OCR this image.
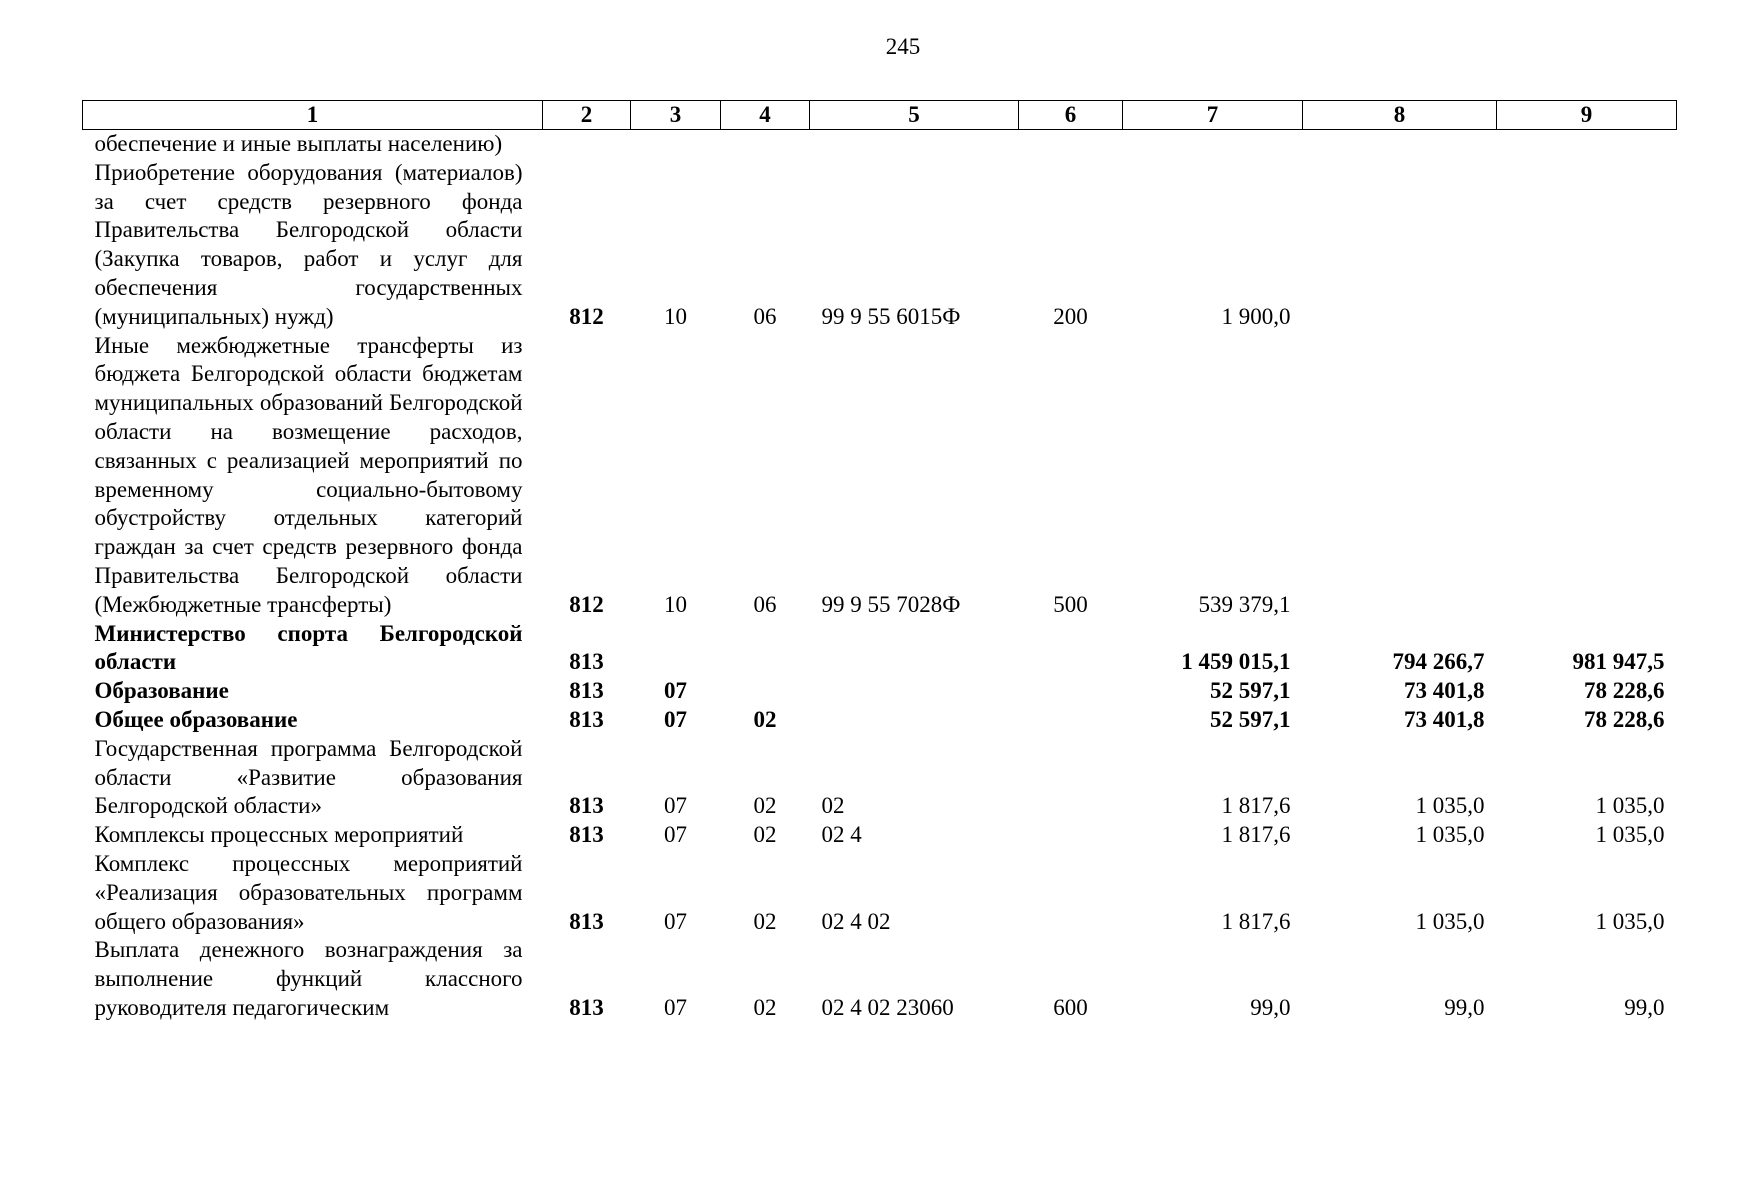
245
1	2	3	4	5	6	7	8	9
обеспечение и иные выплаты населению)								
Приобретение оборудования (материалов) за счет средств резервного фонда Правительства Белгородской области (Закупка товаров, работ и услуг для обеспечения государственных (муниципальных) нужд)	812	10	06	99 9 55 6015Ф	200	1 900,0		
Иные межбюджетные трансферты из бюджета Белгородской области бюджетам муниципальных образований Белгородской области на возмещение расходов, связанных с реализацией мероприятий по временному социально-бытовому обустройству отдельных категорий граждан за счет средств резервного фонда Правительства Белгородской области (Межбюджетные трансферты)	812	10	06	99 9 55 7028Ф	500	539 379,1		
Министерство спорта Белгородской области	813					1 459 015,1	794 266,7	981 947,5
Образование	813	07				52 597,1	73 401,8	78 228,6
Общее образование	813	07	02			52 597,1	73 401,8	78 228,6
Государственная программа Белгородской области «Развитие образования Белгородской области»	813	07	02	02		1 817,6	1 035,0	1 035,0
Комплексы процессных мероприятий	813	07	02	02 4		1 817,6	1 035,0	1 035,0
Комплекс процессных мероприятий «Реализация образовательных программ общего образования»	813	07	02	02 4 02		1 817,6	1 035,0	1 035,0
Выплата денежного вознаграждения за выполнение функций классного руководителя педагогическим	813	07	02	02 4 02 23060	600	99,0	99,0	99,0
